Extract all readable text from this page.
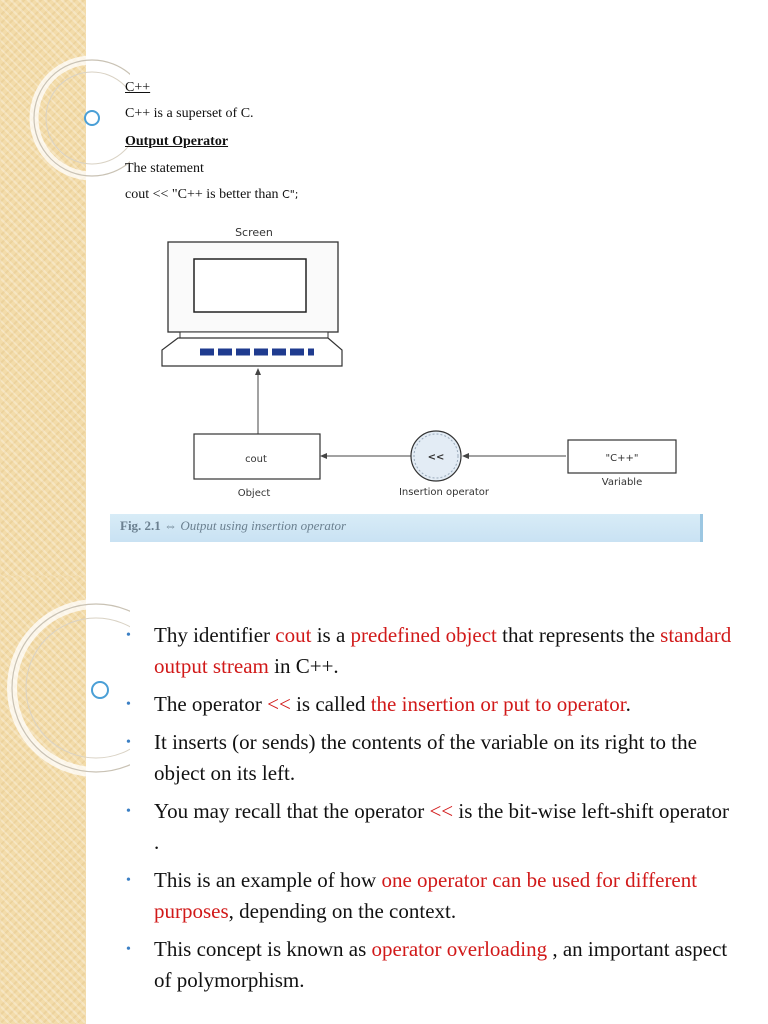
C++
C++ is a superset of C.
Output Operator
The statement
cout << "C++ is better than C";
Screen
cout
Object
<<
Insertion operator
"C++"
Variable
Fig. 2.1 ⇔ Output using insertion operator
• Thy identifier cout is a predefined object that represents the standard output stream in C++.
• The operator << is called the insertion or put to operator.
• It inserts (or sends) the contents of the variable on its right to the object on its left.
• You may recall that the operator << is the bit-wise left-shift operator .
• This is an example of how one operator can be used for different purposes, depending on the context.
• This concept is known as operator overloading , an important aspect of polymorphism.
